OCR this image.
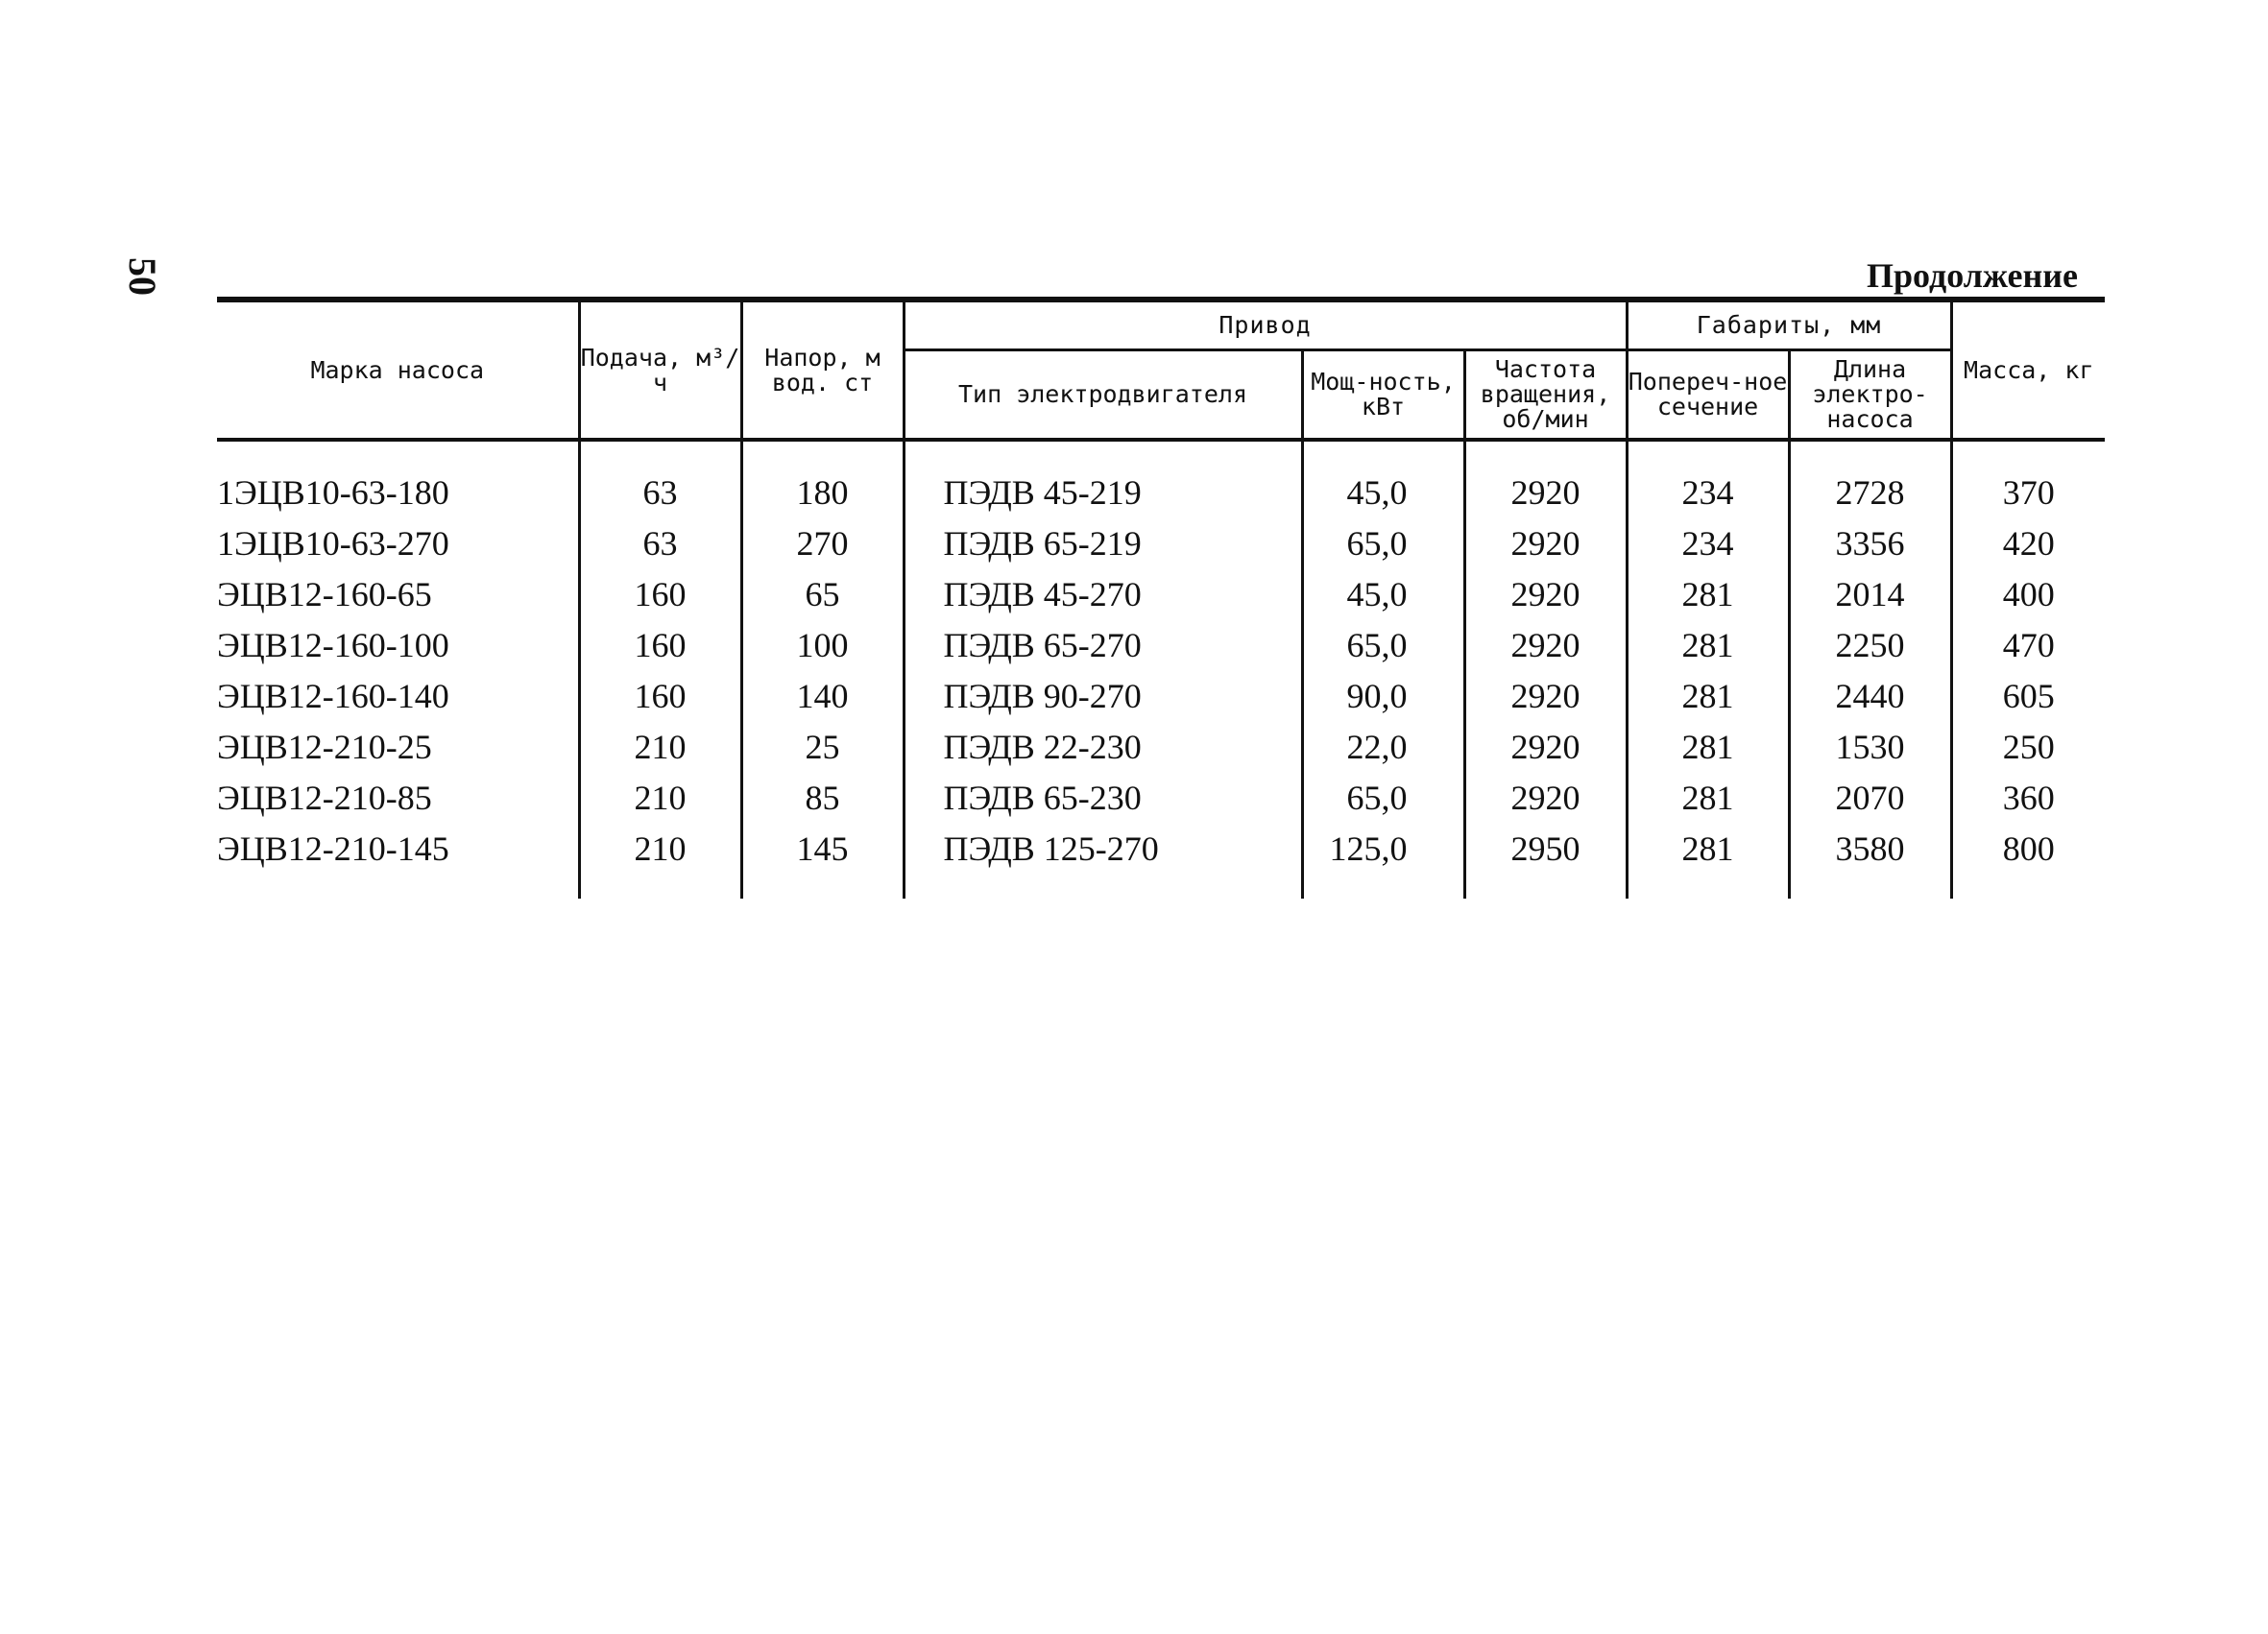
50	Продолжение
Марка насоса	Подача, м³/ч	Напор, м вод. ст	Привод			Габариты, мм		Масса, кг
			Тип электродвигателя	Мощ-ность, кВт	Частота вращения, об/мин	Попереч-ное сечение	Длина электро-насоса	
1ЭЦВ10-63-180	63	180	ПЭДВ 45-219	45,0	2920	234	2728	370
1ЭЦВ10-63-270	63	270	ПЭДВ 65-219	65,0	2920	234	3356	420
ЭЦВ12-160-65	160	65	ПЭДВ 45-270	45,0	2920	281	2014	400
ЭЦВ12-160-100	160	100	ПЭДВ 65-270	65,0	2920	281	2250	470
ЭЦВ12-160-140	160	140	ПЭДВ 90-270	90,0	2920	281	2440	605
ЭЦВ12-210-25	210	25	ПЭДВ 22-230	22,0	2920	281	1530	250
ЭЦВ12-210-85	210	85	ПЭДВ 65-230	65,0	2920	281	2070	360
ЭЦВ12-210-145	210	145	ПЭДВ 125-270	125,0	2950	281	3580	800
